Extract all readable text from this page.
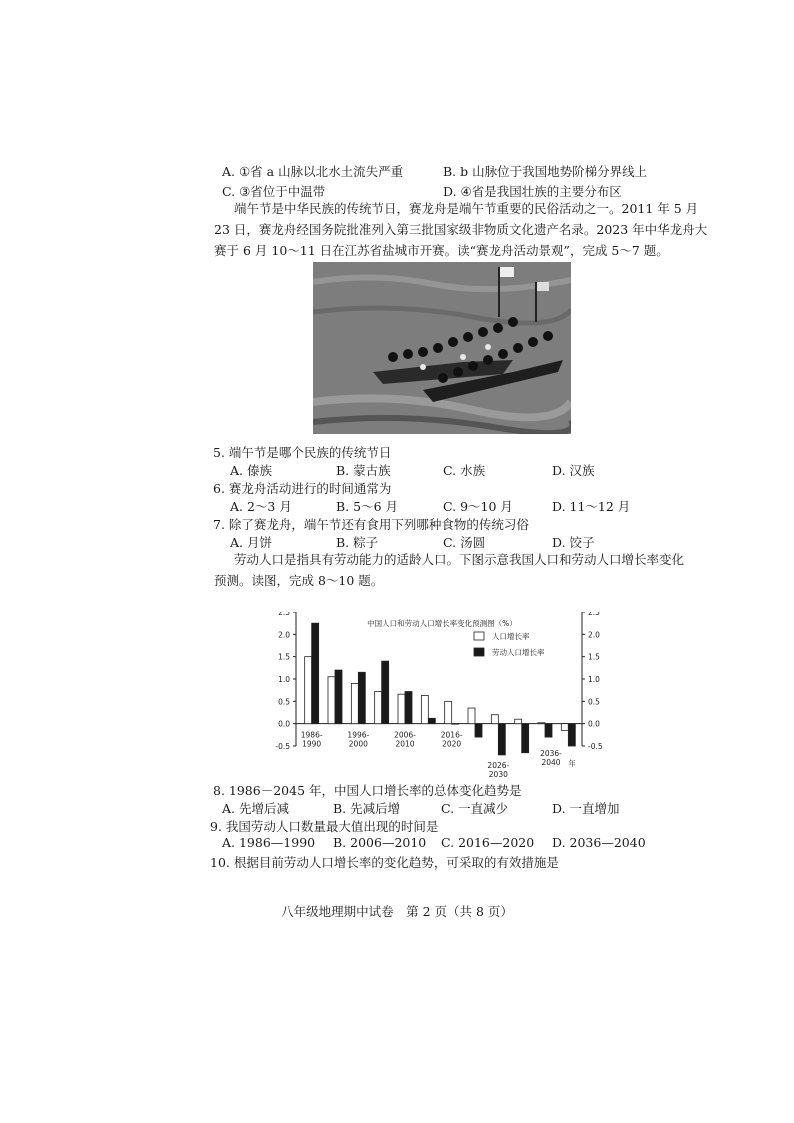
A. ①省 a 山脉以北水土流失严重	B. b 山脉位于我国地势阶梯分界线上
C. ③省位于中温带	D. ④省是我国壮族的主要分布区
端午节是中华民族的传统节日，赛龙舟是端午节重要的民俗活动之一。2011 年 5 月
23 日，赛龙舟经国务院批准列入第三批国家级非物质文化遗产名录。2023 年中华龙舟大
赛于 6 月 10～11 日在江苏省盐城市开赛。读“赛龙舟活动景观”，完成 5～7 题。
5. 端午节是哪个民族的传统节日
A. 傣族	B. 蒙古族	C. 水族	D. 汉族
6. 赛龙舟活动进行的时间通常为
A. 2～3 月	B. 5～6 月	C. 9～10 月	D. 11～12 月
7. 除了赛龙舟，端午节还有食用下列哪种食物的传统习俗
A. 月饼	B. 粽子	C. 汤圆	D. 饺子
劳动人口是指具有劳动能力的适龄人口。下图示意我国人口和劳动人口增长率变化
预测。读图，完成 8～10 题。
中国人口和劳动人口增长率变化预测图（%）
2.5	2.5
2.0	2.0
1.5	1.5
1.0	1.0
0.5	0.5
0.0	0.0
-0.5	-0.5
1986-
1990
1996-
2000
2006-
2010
2016-
2020
2026-
2030
2036-
2040 年
人口增长率
劳动人口增长率
8. 1986－2045 年，中国人口增长率的总体变化趋势是
A. 先增后减	B. 先减后增	C. 一直减少	D. 一直增加
9. 我国劳动人口数量最大值出现的时间是
A. 1986—1990 B. 2006—2010 C. 2016—2020 D. 2036—2040
10. 根据目前劳动人口增长率的变化趋势，可采取的有效措施是
八年级地理期中试卷　第 2 页（共 8 页）
